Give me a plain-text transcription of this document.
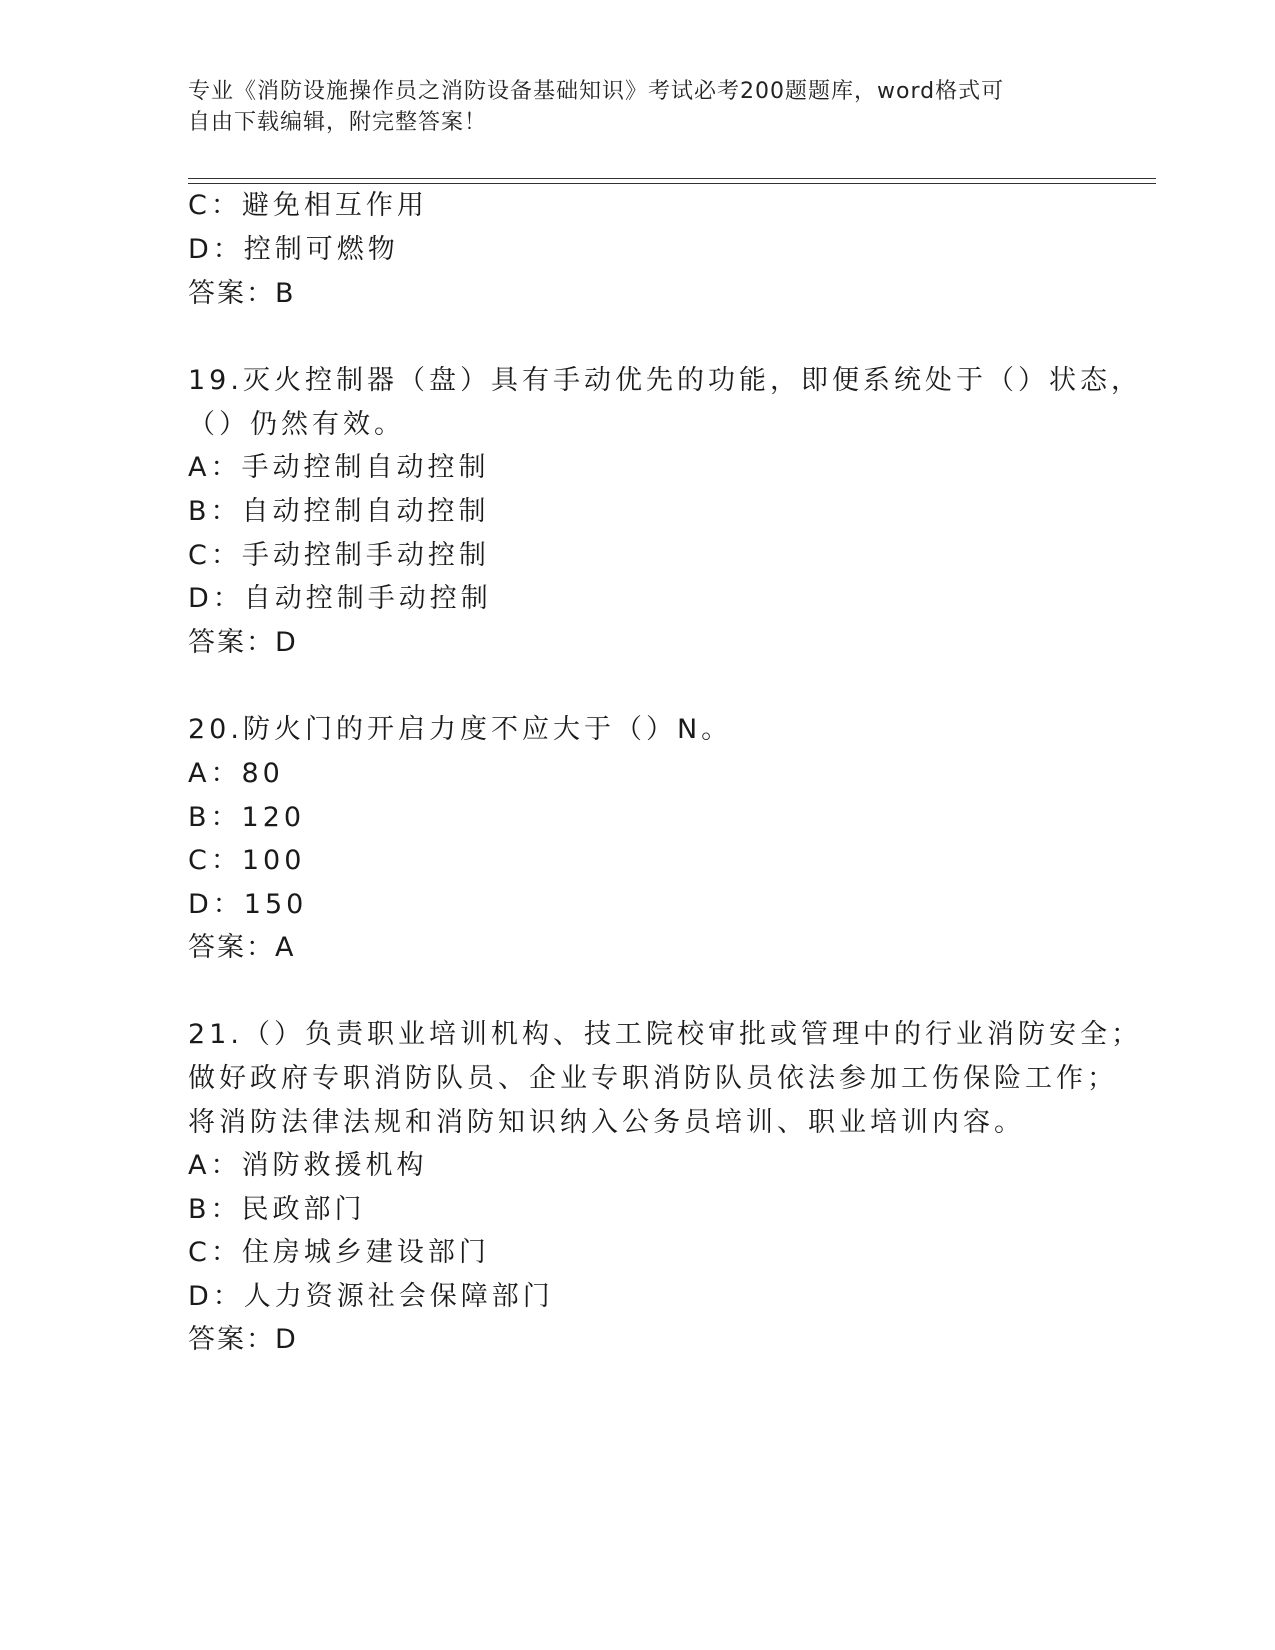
专业《消防设施操作员之消防设备基础知识》考试必考200题题库，word格式可
自由下载编辑，附完整答案！
C：避免相互作用
D：控制可燃物
答案：B
19.灭火控制器（盘）具有手动优先的功能，即便系统处于（）状态，
（）仍然有效。
A：手动控制自动控制
B：自动控制自动控制
C：手动控制手动控制
D：自动控制手动控制
答案：D
20.防火门的开启力度不应大于（）N。
A：80
B：120
C：100
D：150
答案：A
21.（）负责职业培训机构、技工院校审批或管理中的行业消防安全；
做好政府专职消防队员、企业专职消防队员依法参加工伤保险工作；
将消防法律法规和消防知识纳入公务员培训、职业培训内容。
A：消防救援机构
B：民政部门
C：住房城乡建设部门
D：人力资源社会保障部门
答案：D
